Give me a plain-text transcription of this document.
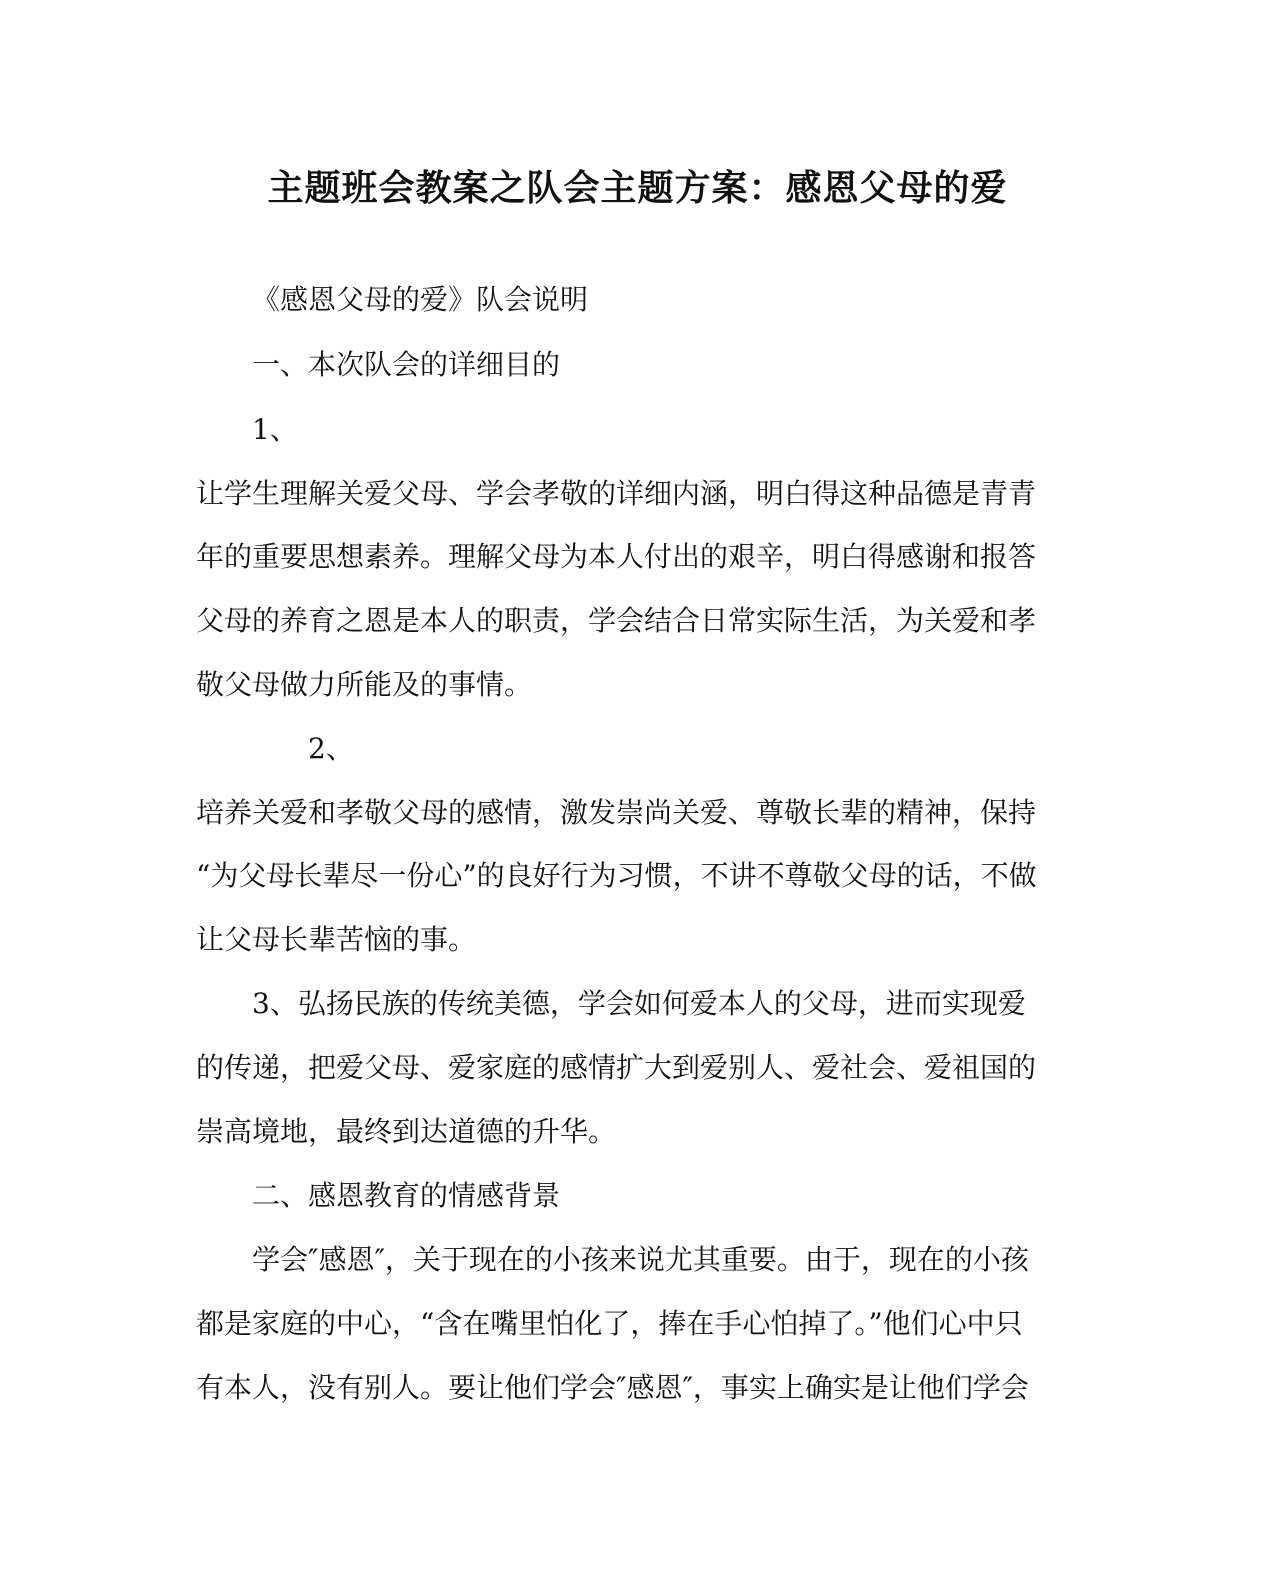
主题班会教案之队会主题方案：感恩父母的爱
《感恩父母的爱》队会说明
一、本次队会的详细目的
1、
让学生理解关爱父母、学会孝敬的详细内涵，明白得这种品德是青青
年的重要思想素养。理解父母为本人付出的艰辛，明白得感谢和报答
父母的养育之恩是本人的职责，学会结合日常实际生活，为关爱和孝
敬父母做力所能及的事情。
2、
培养关爱和孝敬父母的感情，激发崇尚关爱、尊敬长辈的精神，保持
“为父母长辈尽一份心”的良好行为习惯，不讲不尊敬父母的话，不做
让父母长辈苦恼的事。
3、弘扬民族的传统美德，学会如何爱本人的父母，进而实现爱
的传递，把爱父母、爱家庭的感情扩大到爱别人、爱社会、爱祖国的
崇高境地，最终到达道德的升华。
二、感恩教育的情感背景
学会″感恩″，关于现在的小孩来说尤其重要。由于，现在的小孩
都是家庭的中心，“含在嘴里怕化了，捧在手心怕掉了。”他们心中只
有本人，没有别人。要让他们学会″感恩″，事实上确实是让他们学会
